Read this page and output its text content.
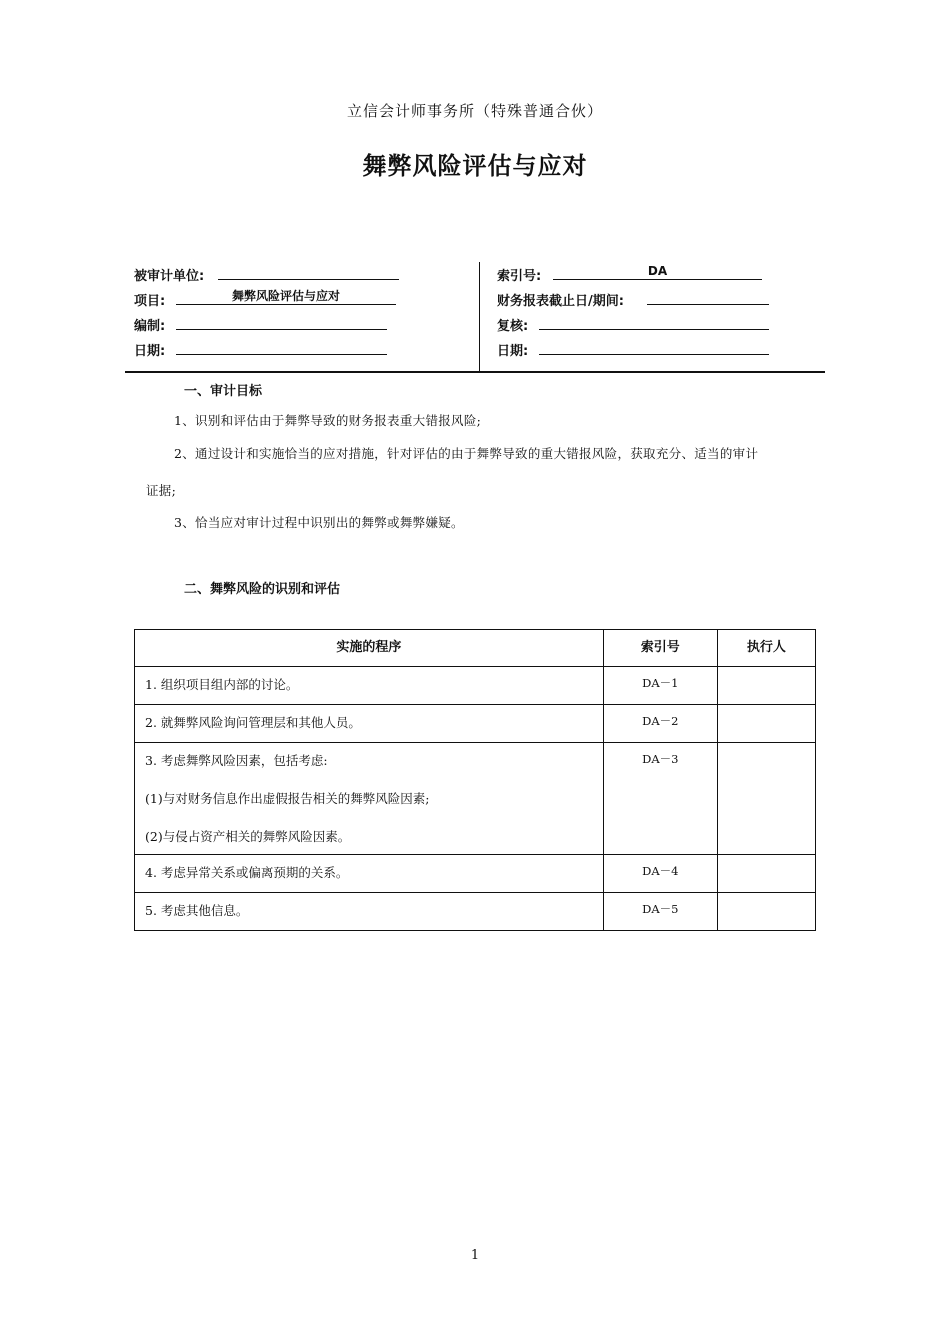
立信会计师事务所（特殊普通合伙）
舞弊风险评估与应对
被审计单位:
项目:	舞弊风险评估与应对
编制:
日期:
索引号:	DA
财务报表截止日/期间:
复核:
日期:
一、审计目标
1、识别和评估由于舞弊导致的财务报表重大错报风险;
2、通过设计和实施恰当的应对措施，针对评估的由于舞弊导致的重大错报风险，获取充分、适当的审计
证据;
3、恰当应对审计过程中识别出的舞弊或舞弊嫌疑。
二、舞弊风险的识别和评估
实施的程序	索引号	执行人
1. 组织项目组内部的讨论。	DA－1	
2. 就舞弊风险询问管理层和其他人员。	DA－2	

3. 考虑舞弊风险因素，包括考虑:
(1)与对财务信息作出虚假报告相关的舞弊风险因素;
(2)与侵占资产相关的舞弊风险因素。	DA－3	
4. 考虑异常关系或偏离预期的关系。	DA－4	
5. 考虑其他信息。	DA－5	
1
